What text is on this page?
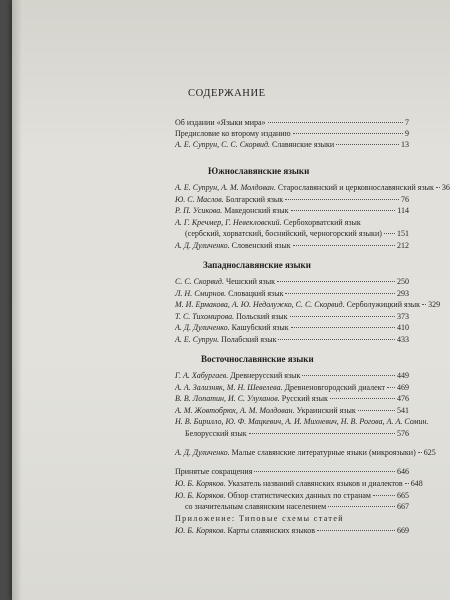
СОДЕРЖАНИЕ
Об издании «Языки мира»	7
Предисловие ко второму изданию	9
А. Е. Супрун, С. С. Скорвид. Славянские языки	13
Южнославянские языки
А. Е. Супрун, А. М. Молдован. Старославянский и церковнославянский язык 36
Ю. С. Маслов. Болгарский язык	76
Р. П. Усикова. Македонский язык	114
А. Г. Кречмер, Г. Невекловский. Сербохорватский язык
(сербский, хорватский, боснийский, черногорский языки) 151
А. Д. Дуличенко. Словенский язык	212
Западнославянские языки
С. С. Скорвид. Чешский язык	250
Л. Н. Смирнов. Словацкий язык	293
М. И. Ермакова, А. Ю. Недолужко, С. С. Скорвид. Серболужицкий язык 329
Т. С. Тихомирова. Польский язык	373
А. Д. Дуличенко. Кашубский язык	410
А. Е. Супрун. Полабский язык	433
Восточнославянские языки
Г. А. Хабургаев. Древнерусский язык	449
А. А. Зализняк, М. Н. Шевелева. Древненовгородский диалект 469
В. В. Лопатин, И. С. Улуханов. Русский язык	476
А. М. Жовтобрюх, А. М. Молдован. Украинский язык	541
Н. В. Бирилло, Ю. Ф. Мацкевич, А. И. Михневич, Н. В. Рогова, А. А. Сомин.
Белорусский язык	576
А. Д. Дуличенко. Малые славянские литературные языки (микроязыки) 625
Принятые сокращения	646
Ю. Б. Коряков. Указатель названий славянских языков и диалектов 648
Ю. Б. Коряков. Обзор статистических данных по странам	665
со значительным славянским населением	667
Приложение: Типовые схемы статей
Ю. Б. Коряков. Карты славянских языков	669
